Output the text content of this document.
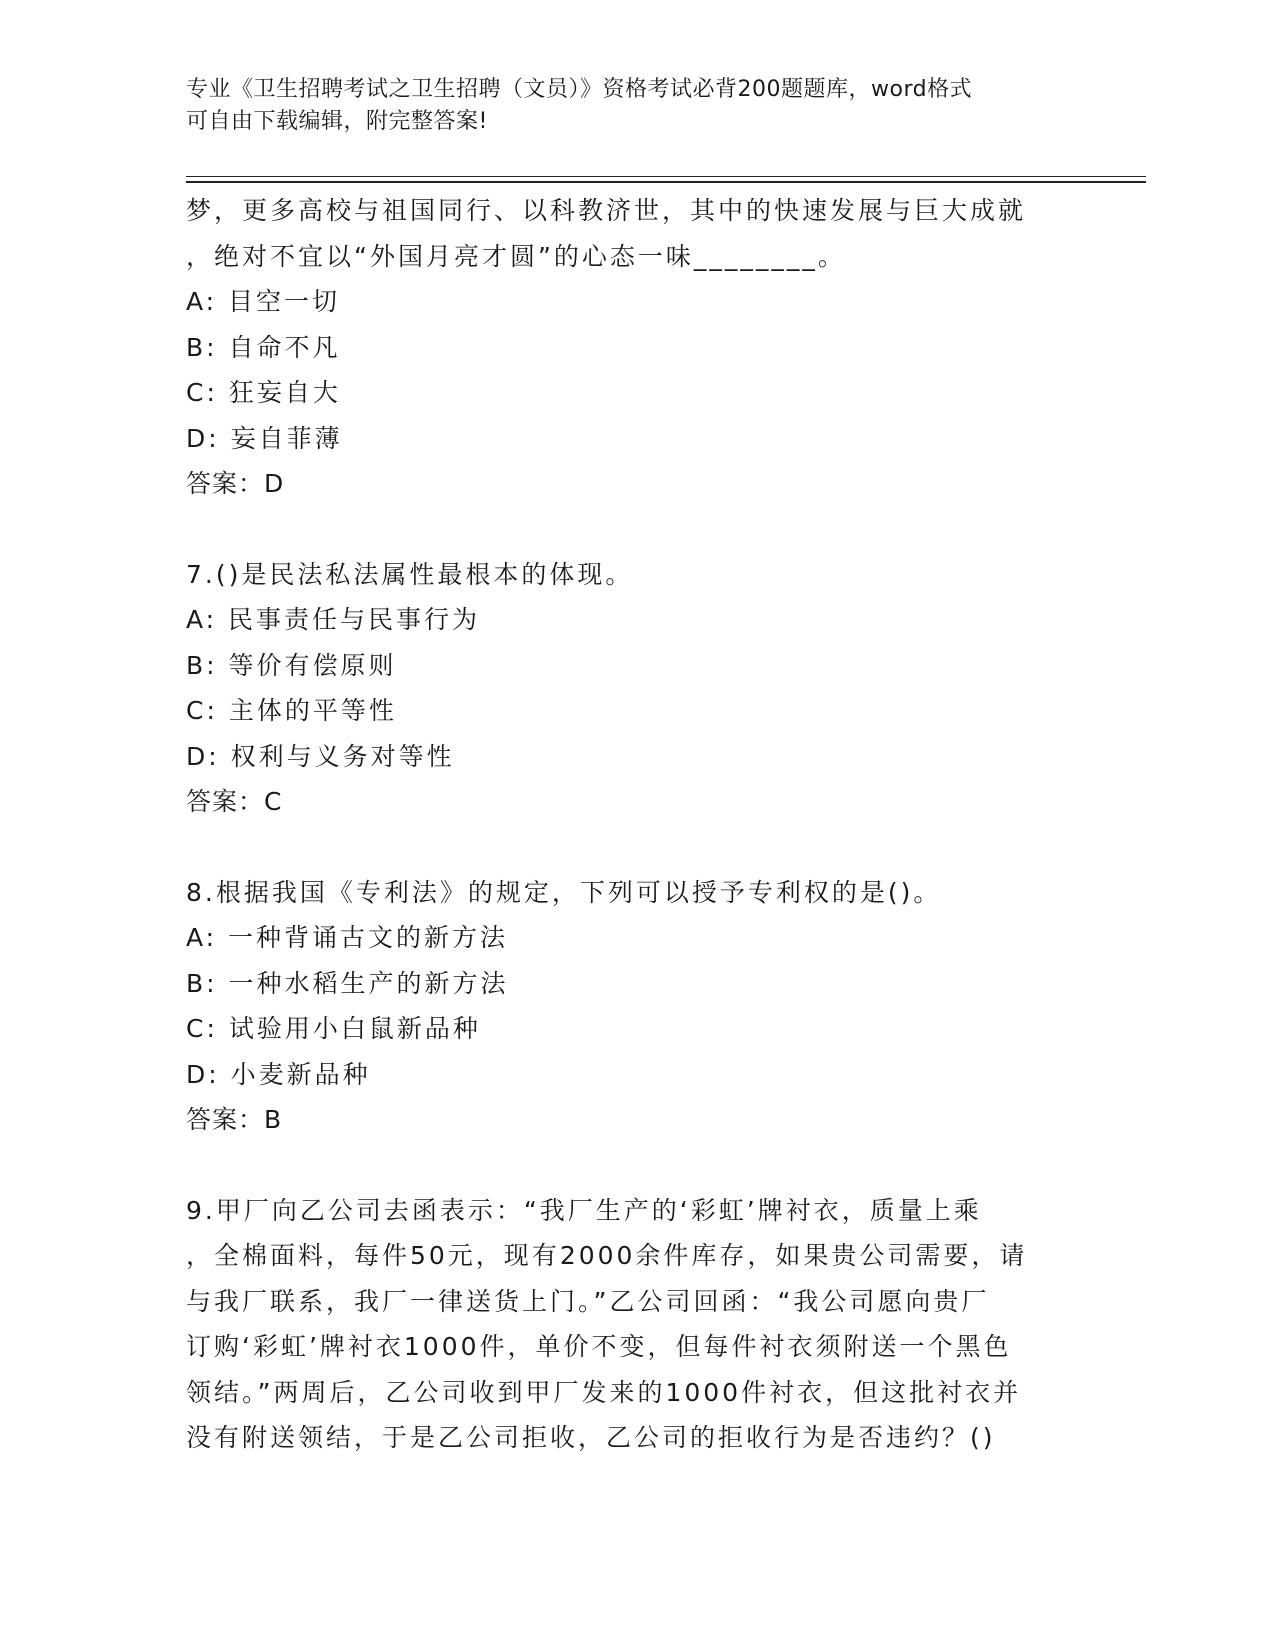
专业《卫生招聘考试之卫生招聘（文员）》资格考试必背200题题库，word格式
可自由下载编辑，附完整答案!

梦，更多高校与祖国同行、以科教济世，其中的快速发展与巨大成就

，绝对不宜以“外国月亮才圆”的心态一味________。

A: 目空一切

B: 自命不凡

C: 狂妄自大

D: 妄自菲薄

答案：D

7.()是民法私法属性最根本的体现。

A: 民事责任与民事行为

B: 等价有偿原则

C: 主体的平等性

D: 权利与义务对等性

答案：C

8.根据我国《专利法》的规定，下列可以授予专利权的是()。

A: 一种背诵古文的新方法

B: 一种水稻生产的新方法

C: 试验用小白鼠新品种

D: 小麦新品种

答案：B

9.甲厂向乙公司去函表示：“我厂生产的‘彩虹’牌衬衣，质量上乘

，全棉面料，每件50元，现有2000余件库存，如果贵公司需要，请

与我厂联系，我厂一律送货上门。”乙公司回函：“我公司愿向贵厂

订购‘彩虹’牌衬衣1000件，单价不变，但每件衬衣须附送一个黑色

领结。”两周后，乙公司收到甲厂发来的1000件衬衣，但这批衬衣并

没有附送领结，于是乙公司拒收，乙公司的拒收行为是否违约？()
